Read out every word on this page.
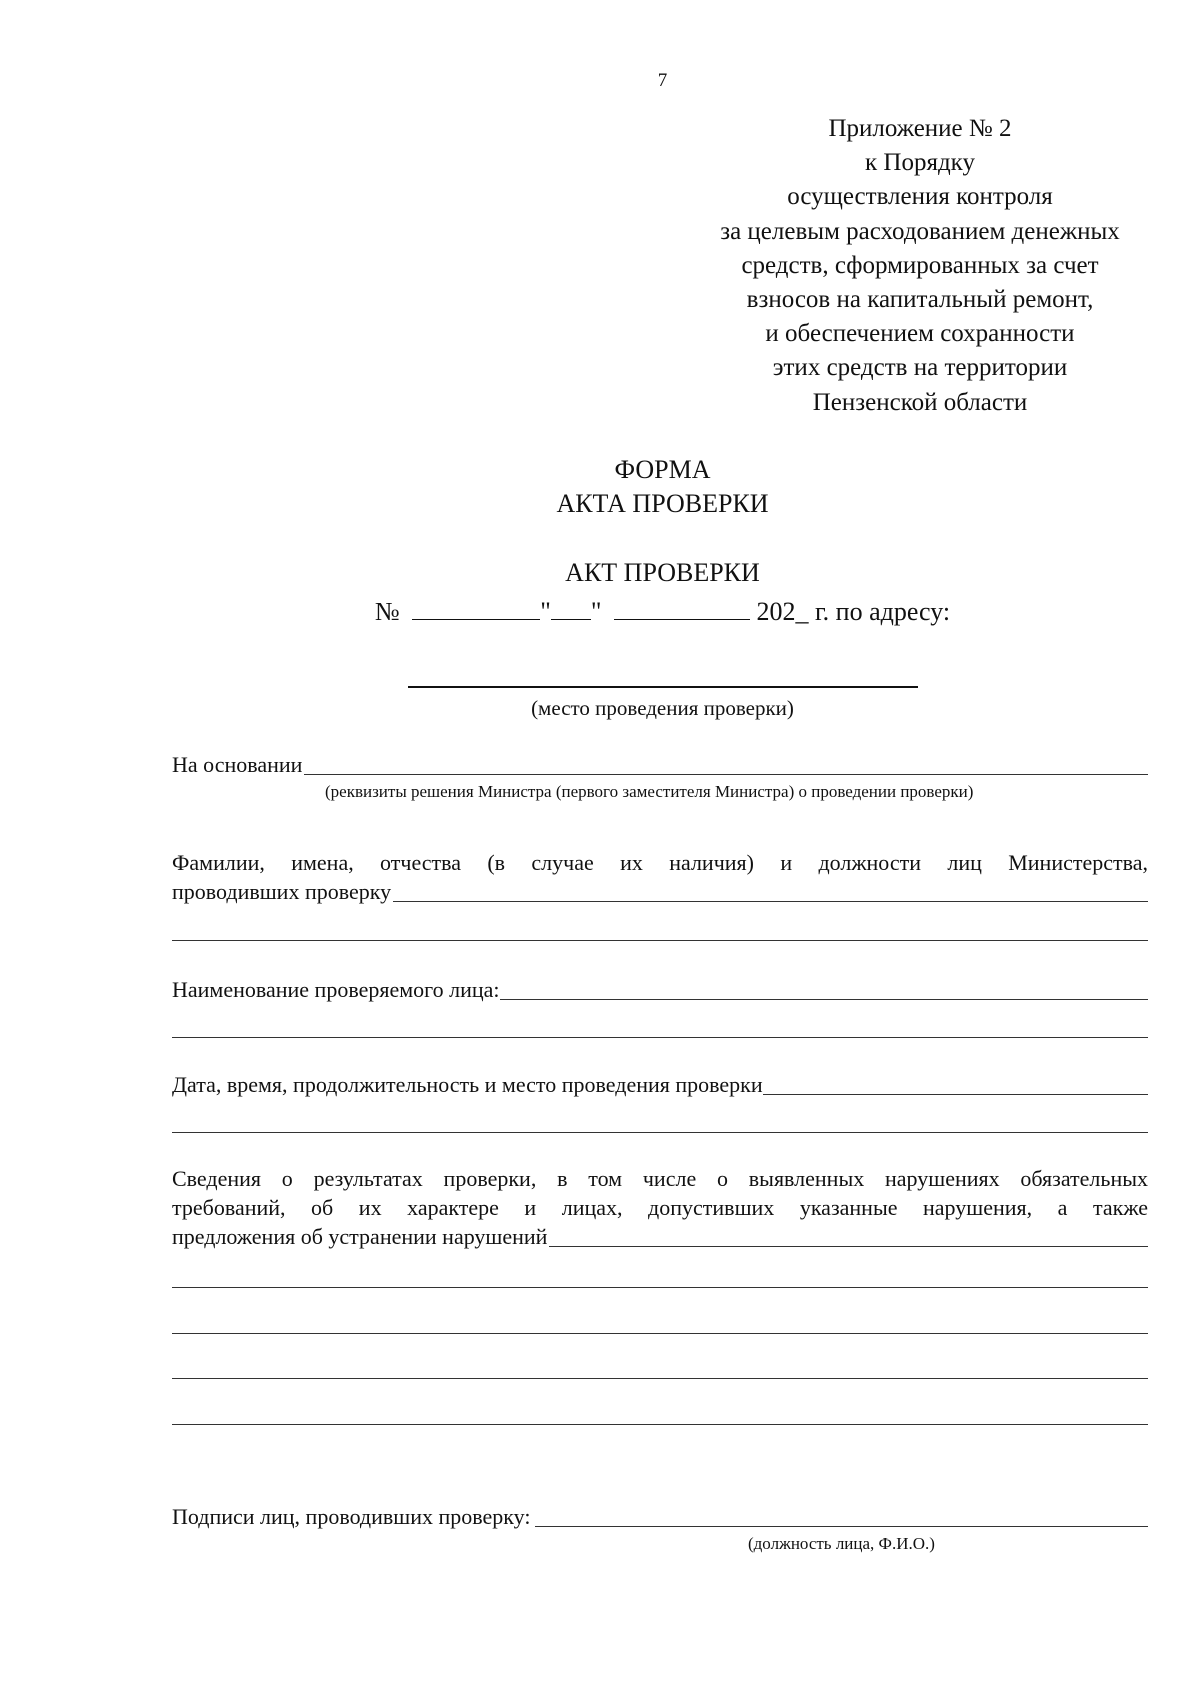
7
Приложение № 2
к Порядку
осуществления контроля
за целевым расходованием денежных
средств, сформированных за счет
взносов на капитальный ремонт,
и обеспечением сохранности
этих средств на территории
Пензенской области
ФОРМА
АКТА ПРОВЕРКИ
АКТ ПРОВЕРКИ
№	" "	202_ г. по адресу:
(место проведения проверки)
На основании
(реквизиты решения Министра (первого заместителя Министра) о проведении проверки)
Фамилии, имена, отчества (в случае их наличия) и должности лиц Министерства,
проводивших проверку
Наименование проверяемого лица:
Дата, время, продолжительность и место проведения проверки
Сведения о результатах проверки, в том числе о выявленных нарушениях обязательных
требований, об их характере и лицах, допустивших указанные нарушения, а также
предложения об устранении нарушений
Подписи лиц, проводивших проверку:
(должность лица, Ф.И.О.)
